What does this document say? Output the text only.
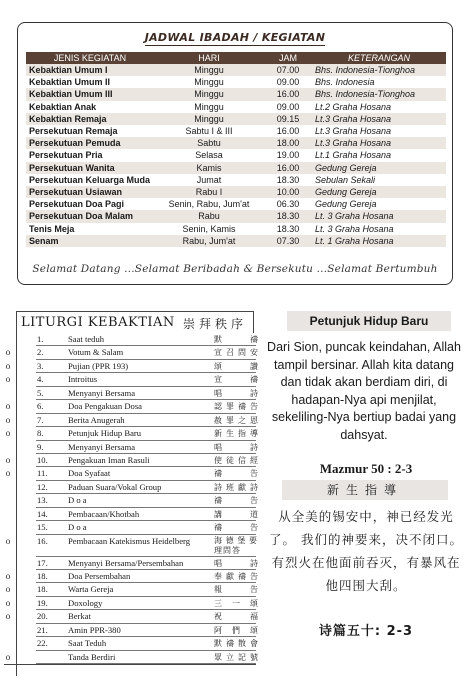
JADWAL IBADAH / KEGIATAN
JENIS KEGIATAN	HARI	JAM	KETERANGAN
Kebaktian Umum I	Minggu	07.00	Bhs. Indonesia-Tionghoa
Kebaktian Umum II	Minggu	09.00	Bhs. Indonesia
Kebaktian Umum III	Minggu	16.00	Bhs. Indonesia-Tionghoa
Kebaktian Anak	Minggu	09.00	Lt.2 Graha Hosana
Kebaktian Remaja	Minggu	09.15	Lt.3 Graha Hosana
Persekutuan Remaja	Sabtu I & III	16.00	Lt.3 Graha Hosana
Persekutuan Pemuda	Sabtu	18.00	Lt.3 Graha Hosana
Persekutuan Pria	Selasa	19.00	Lt.1 Graha Hosana
Persekutuan Wanita	Kamis	16.00	Gedung Gereja
Persekutuan Keluarga Muda	Jumat	18.30	Sebulan Sekali
Persekutuan Usiawan	Rabu I	10.00	Gedung Gereja
Persekutuan Doa Pagi	Senin, Rabu, Jum'at	06.30	Gedung Gereja
Persekutuan Doa Malam	Rabu	18.30	Lt. 3 Graha Hosana
Tenis Meja	Senin, Kamis	18.30	Lt. 3 Graha Hosana
Senam	Rabu, Jum'at	07.30	Lt. 1 Graha Hosana
Selamat Datang ...Selamat Beribadah & Bersekutu ...Selamat Bertumbuh
LITURGI KEBAKTIAN 崇拜秩序
1.	Saat teduh	默 禱
o	2.	Votum & Salam	宣召問安
o	3.	Pujian (PPR 193)	頌 讚
o	4.	Introitus	宣 禱
5.	Menyanyi Bersama	唱 詩
o	6.	Doa Pengakuan Dosa	認罪禱告
o	7.	Berita Anugerah	赦罪之恩
o	8.	Petunjuk Hidup Baru	新生指導
9.	Menyanyi Bersama	唱 詩
o	10. Pengakuan Iman Rasuli	使徒信經
o	11. Doa Syafaat	禱 告
12. Paduan Suara/Vokal Group	詩班獻詩
13. D o a	禱 告
14. Pembacaan/Khotbah	講 道
15. D o a	禱 告
o	16. Pembacaan Katekismus Heidelberg	海德堡要理問答
17. Menyanyi Bersama/Persembahan	唱 詩
o	18. Doa Persembahan	奉獻禱告
o	18. Warta Gereja	報 告
o	19. Doxology	三 一 頌
o	20. Berkat	祝 福
21. Amin PPR-380	阿們頌
22. Saat Teduh	默禱散會
o	Tanda Berdiri	眾立記號
Petunjuk Hidup Baru
Dari Sion, puncak keindahan, Allah tampil bersinar. Allah kita datang dan tidak akan berdiam diri, di hadapan-Nya api menjilat, sekeliling-Nya bertiup badai yang dahsyat.
Mazmur 50 : 2-3
新生指導
从全美的锡安中，神已经发光了。 我们的神要来，决不闭口。有烈火在他面前吞灭，有暴风在他四围大刮。
诗篇五十: 2-3
